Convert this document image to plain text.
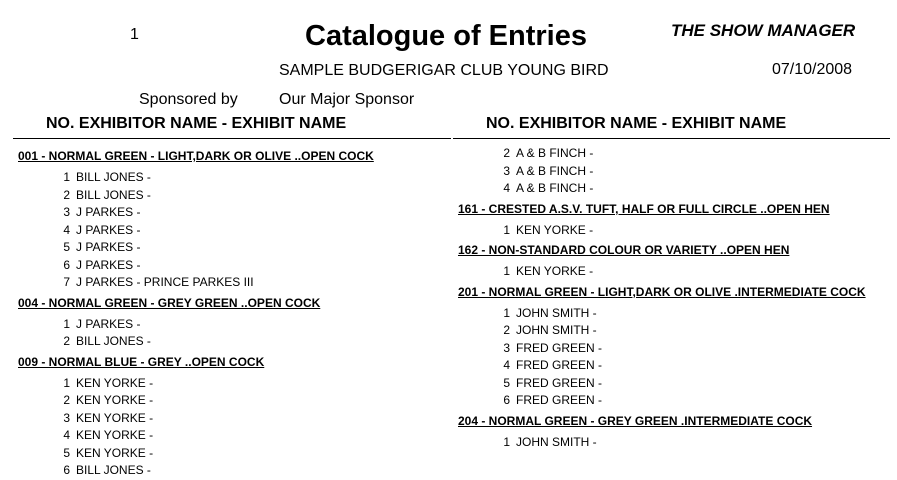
1	Catalogue of Entries	THE SHOW MANAGER
SAMPLE BUDGERIGAR CLUB YOUNG BIRD	07/10/2008
Sponsored by	Our Major Sponsor
NO. EXHIBITOR NAME - EXHIBIT NAME
001 - NORMAL GREEN - LIGHT,DARK OR OLIVE ..OPEN COCK
1 BILL JONES -
2 BILL JONES -
3 J PARKES -
4 J PARKES -
5 J PARKES -
6 J PARKES -
7 J PARKES - PRINCE PARKES III
004 - NORMAL GREEN - GREY GREEN ..OPEN COCK
1 J PARKES -
2 BILL JONES -
009 - NORMAL BLUE - GREY ..OPEN COCK
1 KEN YORKE -
2 KEN YORKE -
3 KEN YORKE -
4 KEN YORKE -
5 KEN YORKE -
6 BILL JONES -
NO. EXHIBITOR NAME - EXHIBIT NAME
2 A & B FINCH -
3 A & B FINCH -
4 A & B FINCH -
161 - CRESTED A.S.V. TUFT, HALF OR FULL CIRCLE ..OPEN HEN
1 KEN YORKE -
162 - NON-STANDARD COLOUR OR VARIETY ..OPEN HEN
1 KEN YORKE -
201 - NORMAL GREEN - LIGHT,DARK OR OLIVE .INTERMEDIATE COCK
1 JOHN SMITH -
2 JOHN SMITH -
3 FRED GREEN -
4 FRED GREEN -
5 FRED GREEN -
6 FRED GREEN -
204 - NORMAL GREEN - GREY GREEN .INTERMEDIATE COCK
1 JOHN SMITH -
